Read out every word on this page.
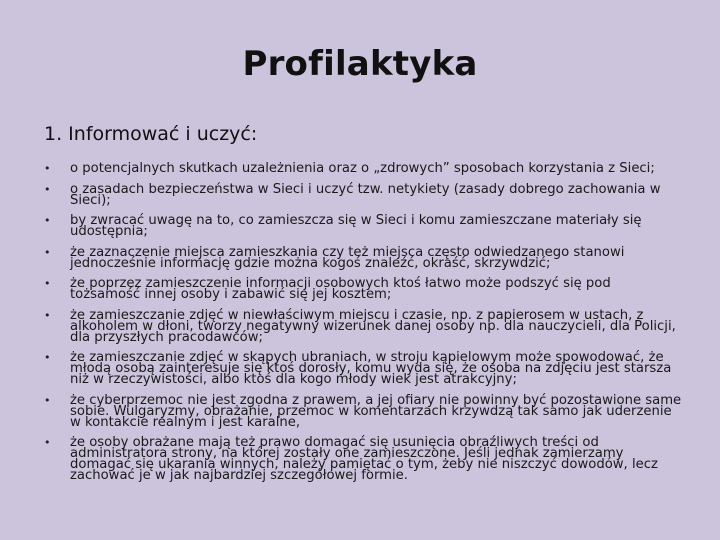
Profilaktyka
1. Informować i uczyć:
• o potencjalnych skutkach uzależnienia oraz o „zdrowych” sposobach korzystania z Sieci;
• o zasadach bezpieczeństwa w Sieci i uczyć tzw. netykiety (zasady dobrego zachowania w Sieci);
• by zwracać uwagę na to, co zamieszcza się w Sieci i komu zamieszczane materiały się udostępnia;
• że zaznaczenie miejsca zamieszkania czy też miejsca często odwiedzanego stanowi jednocześnie informację gdzie można kogoś znaleźć, okraść, skrzywdzić;
• że poprzez zamieszczenie informacji osobowych ktoś łatwo może podszyć się pod tożsamość innej osoby i zabawić się jej kosztem;
• że zamieszczanie zdjęć w niewłaściwym miejscu i czasie, np. z papierosem w ustach, z alkoholem w dłoni, tworzy negatywny wizerunek danej osoby np. dla nauczycieli, dla Policji, dla przyszłych pracodawców;
• że zamieszczanie zdjęć w skąpych ubraniach, w stroju kąpielowym może spowodować, że młodą osobą zainteresuje się ktoś dorosły, komu wyda się, że osoba na zdjęciu jest starsza niż w rzeczywistości, albo ktoś dla kogo młody wiek jest atrakcyjny;
• że cyberprzemoc nie jest zgodna z prawem, a jej ofiary nie powinny być pozostawione same sobie. Wulgaryzmy, obrażanie, przemoc w komentarzach krzywdzą tak samo jak uderzenie w kontakcie realnym i jest karalne,
• że osoby obrażane mają też prawo domagać się usunięcia obraźliwych treści od administratora strony, na której zostały one zamieszczone. Jeśli jednak zamierzamy domagać się ukarania winnych, należy pamiętać o tym, żeby nie niszczyć dowodów, lecz zachować je w jak najbardziej szczegółowej formie.
